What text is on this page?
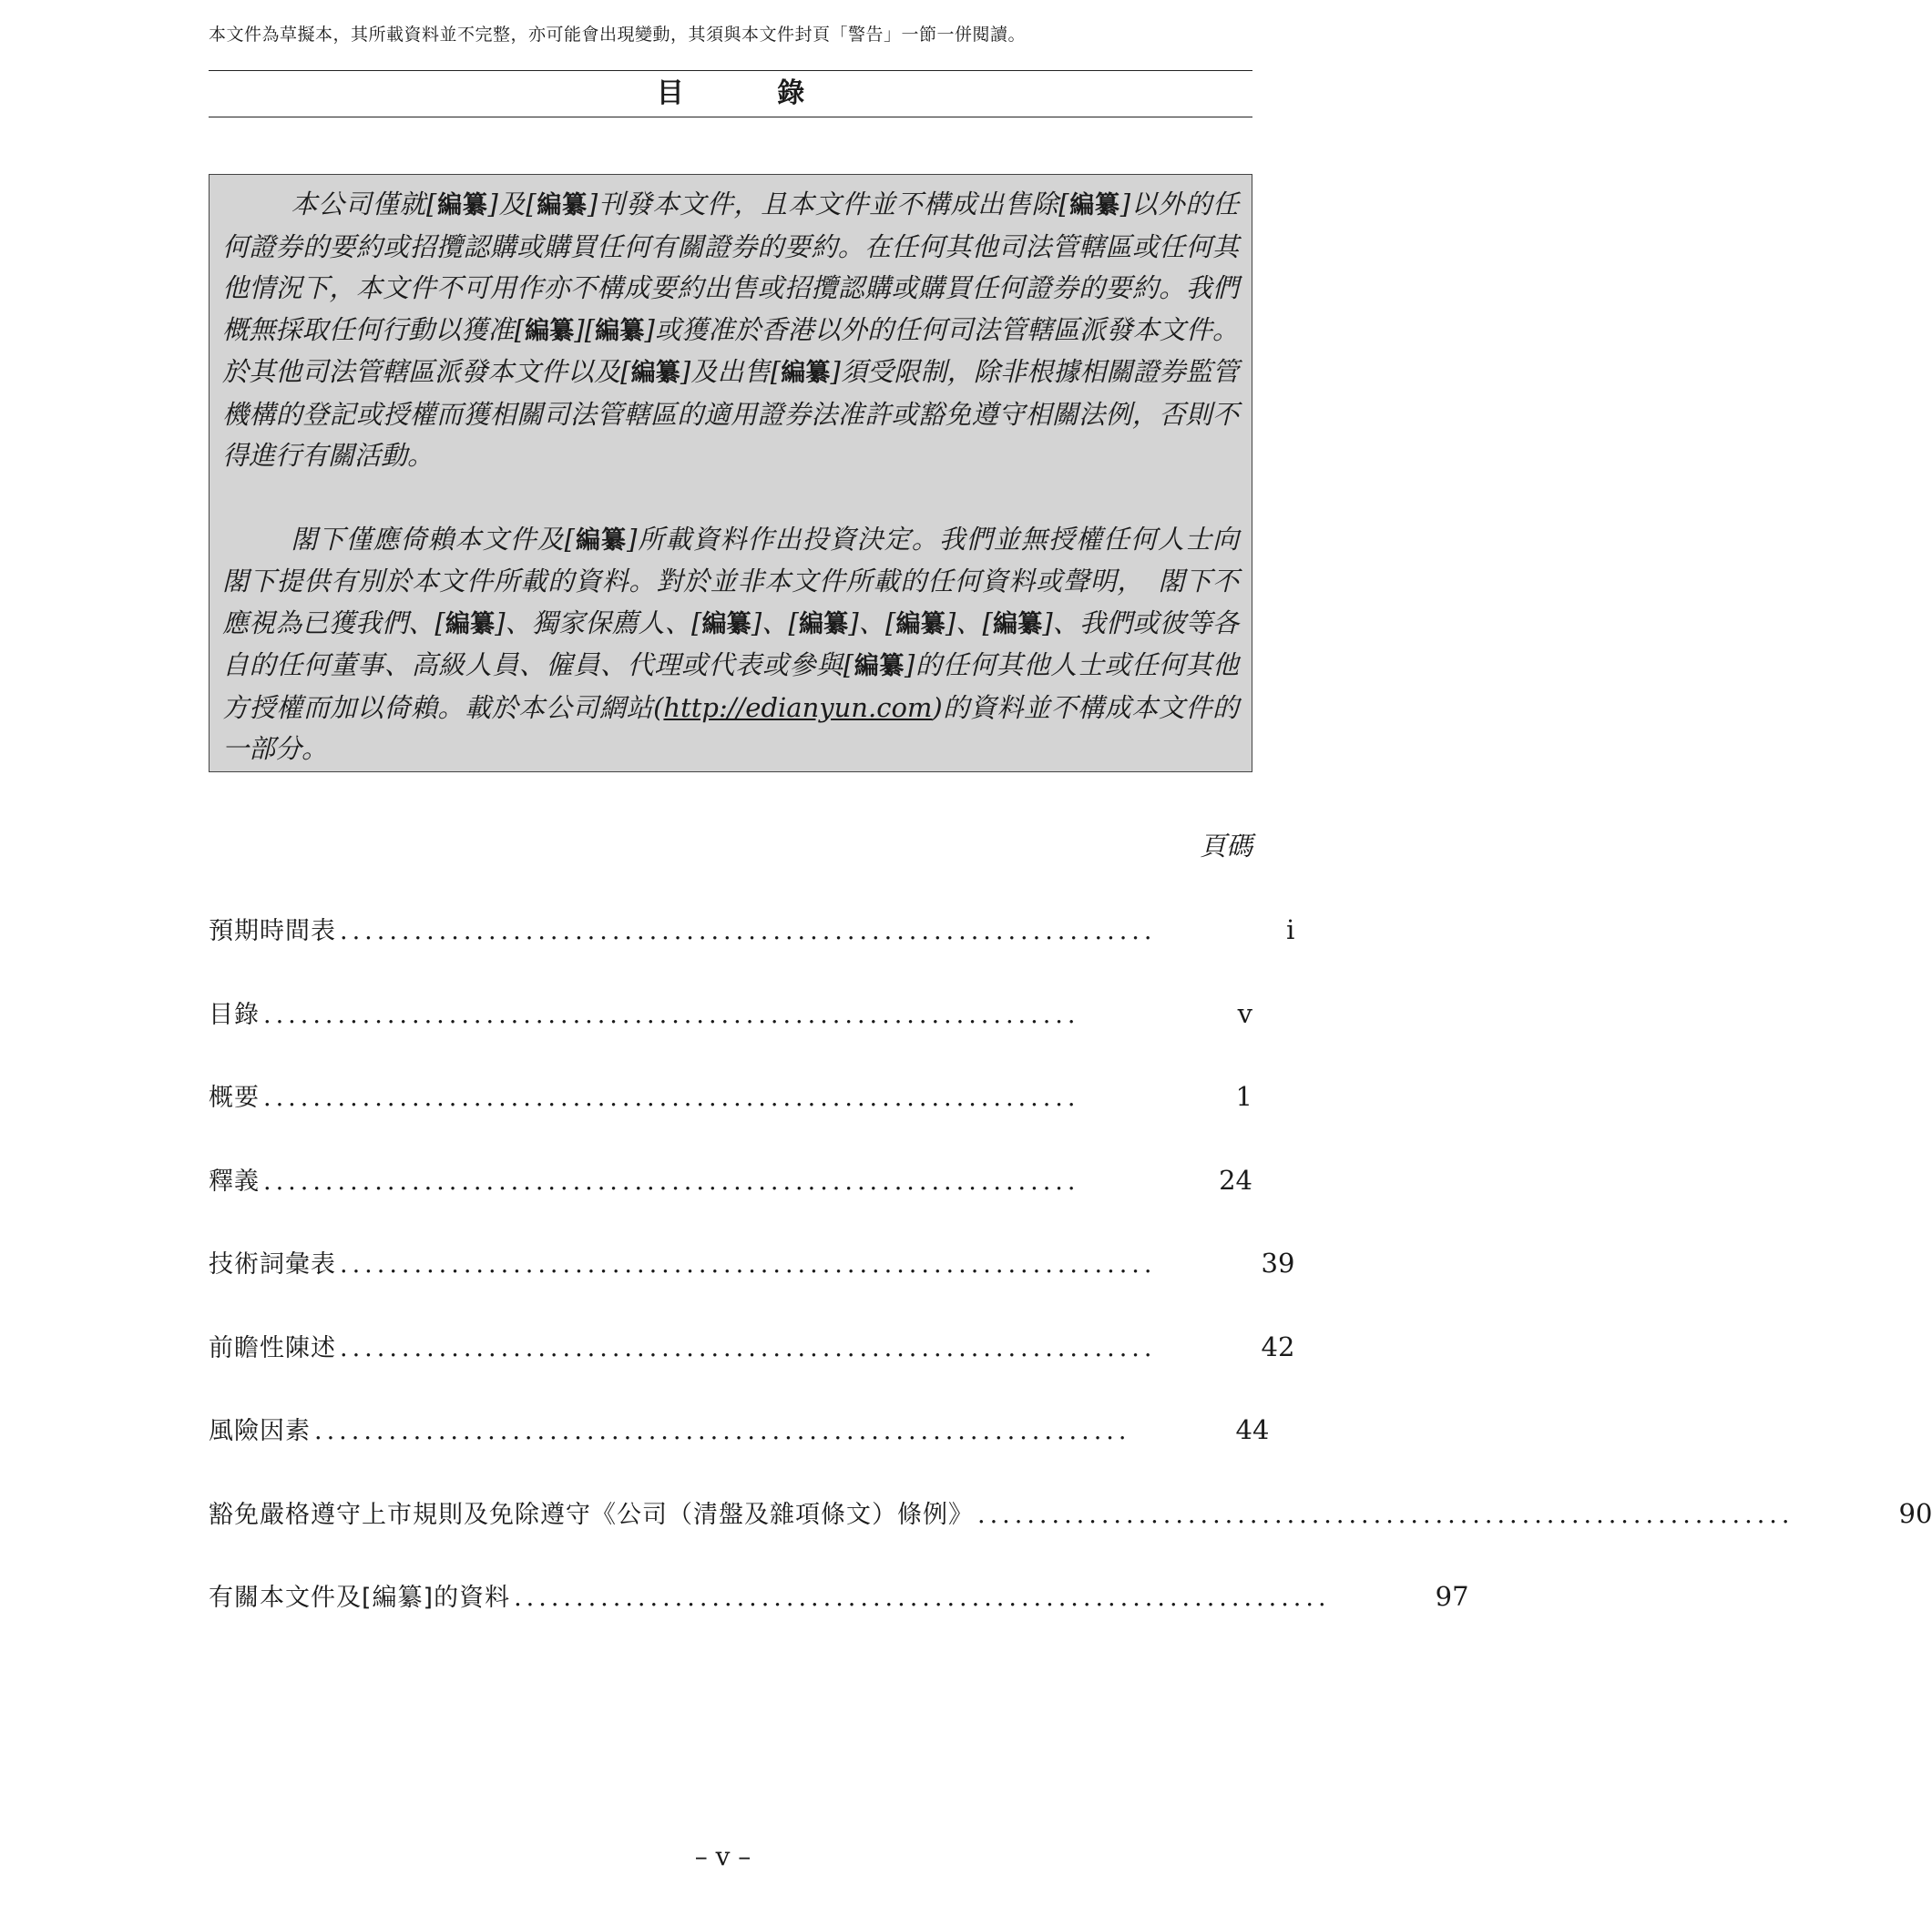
本文件為草擬本，其所載資料並不完整，亦可能會出現變動，其須與本文件封頁「警告」一節一併閱讀。
目 錄

本公司僅就[編纂]及[編纂]刊發本文件，且本文件並不構成出售除[編纂]以外的任何證券的要約或招攬認購或購買任何有關證券的要約。在任何其他司法管轄區或任何其他情況下，本文件不可用作亦不構成要約出售或招攬認購或購買任何證券的要約。我們概無採取任何行動以獲准[編纂][編纂]或獲准於香港以外的任何司法管轄區派發本文件。於其他司法管轄區派發本文件以及[編纂]及出售[編纂]須受限制，除非根據相關證券監管機構的登記或授權而獲相關司法管轄區的適用證券法准許或豁免遵守相關法例，否則不得進行有關活動。

閣下僅應倚賴本文件及[編纂]所載資料作出投資決定。我們並無授權任何人士向　閣下提供有別於本文件所載的資料。對於並非本文件所載的任何資料或聲明，　閣下不應視為已獲我們、[編纂]、獨家保薦人、[編纂]、[編纂]、[編纂]、[編纂]、我們或彼等各自的任何董事、高級人員、僱員、代理或代表或參與[編纂]的任何其他人士或任何其他方授權而加以倚賴。載於本公司網站(http://edianyun.com)的資料並不構成本文件的一部分。

頁碼
預期時間表 ..................................................................	i
目錄 ..................................................................	v
概要 ..................................................................	1
釋義 ..................................................................	24
技術詞彙表 ..................................................................	39
前瞻性陳述 ..................................................................	42
風險因素 ..................................................................	44
豁免嚴格遵守上市規則及免除遵守《公司（清盤及雜項條文）條例》 ..................................................................	90
有關本文件及[編纂]的資料 ..................................................................	97
– v –
